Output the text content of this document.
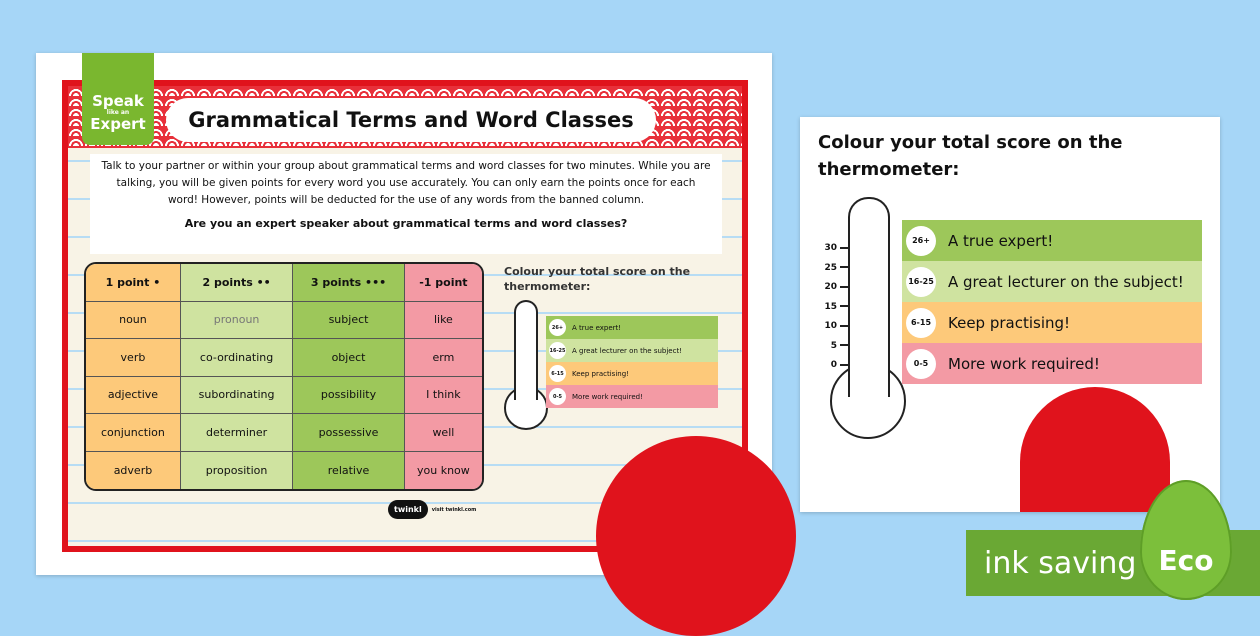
Speak
like an
Expert	Grammatical Terms and Word Classes
Talk to your partner or within your group about grammatical terms and word classes for two minutes. While you are talking, you will be given points for every word you use accurately. You can only earn the points once for each word! However, points will be deducted for the use of any words from the banned column.
Are you an expert speaker about grammatical terms and word classes?
1 point •	2 points ••	3 points •••	-1 point
noun	pronoun	subject	like
verb	co-ordinating	object	erm
adjective	subordinating	possibility	I think
conjunction	determiner	possessive	well
adverb	proposition	relative	you know
Colour your total score on the thermometer:
26+	A true expert!
16-25 A great lecturer on the subject!
6-15	Keep practising!
0-5	More work required!
twinkl	visit twinkl.com
Colour your total score on the thermometer:
30
25
20
15
10
5
0
26+	A true expert!
16-25 A great lecturer on the subject!
6-15	Keep practising!
0-5	More work required!
ink saving Eco
